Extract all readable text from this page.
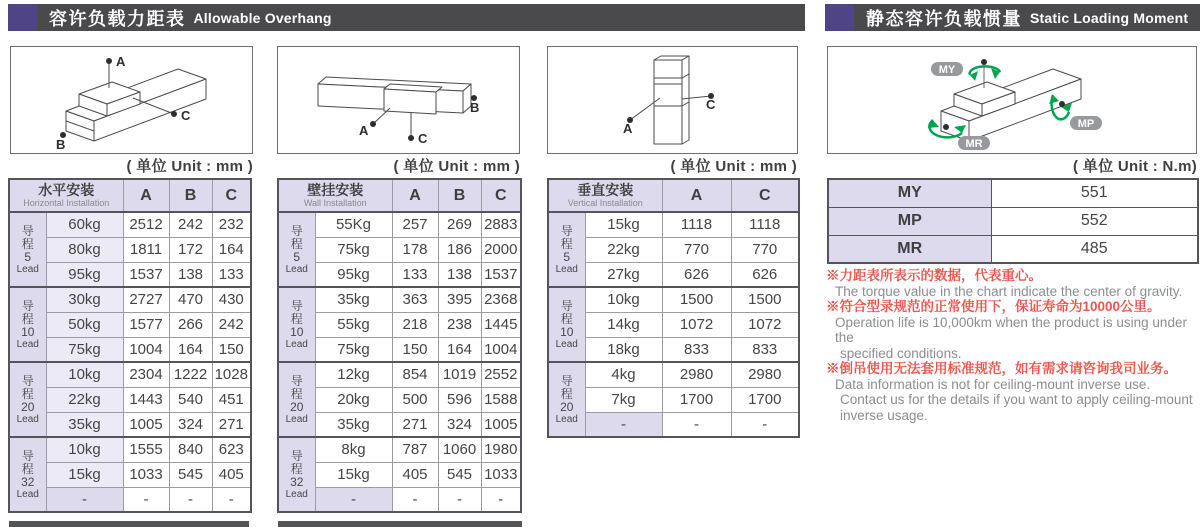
容许负载力距表 Allowable Overhang	静态容许负载惯量 Static Loading Moment
A
B
C
A
B
C
A
C
MY
MP
MR
( 单位 Unit : mm )	( 单位 Unit : mm )	( 单位 Unit : mm )	( 单位 Unit : N.m)
水平安装
Horizontal Installation		A	B	C

导
程
5
Lead	60kg	2512	242	232
	80kg	1811	172	164
	95kg	1537	138	133

导
程
10
Lead	30kg	2727	470	430
	50kg	1577	266	242
	75kg	1004	164	150

导
程
20
Lead	10kg	2304	1222	1028
	22kg	1443	540	451
	35kg	1005	324	271

导
程
32
Lead	10kg	1555	840	623
	15kg	1033	545	405
	-	-	-	-
壁挂安装
Wall Installation		A	B	C

导
程
5
Lead	55Kg	257	269	2883
	75kg	178	186	2000
	95kg	133	138	1537

导
程
10
Lead	35kg	363	395	2368
	55kg	218	238	1445
	75kg	150	164	1004

导
程
20
Lead	12kg	854	1019	2552
	20kg	500	596	1588
	35kg	271	324	1005

导
程
32
Lead	8kg	787	1060	1980
	15kg	405	545	1033
	-	-	-	-
垂直安装
Vertical Installation		A	C

导
程
5
Lead	15kg	1118	1118
	22kg	770	770
	27kg	626	626

导
程
10
Lead	10kg	1500	1500
	14kg	1072	1072
	18kg	833	833

导
程
20
Lead	4kg	2980	2980
	7kg	1700	1700
	-	-	-
MY	551
MP	552
MR	485
※力距表所表示的数据，代表重心。
The torque value in the chart indicate the center of gravity.
※符合型录规范的正常使用下，保证寿命为10000公里。
Operation life is 10,000km when the product is using under the
specified conditions.
※倒吊使用无法套用标准规范，如有需求请咨询我司业务。
Data information is not for ceiling-mount inverse use.
Contact us for the details if you want to apply ceiling-mount
inverse usage.
